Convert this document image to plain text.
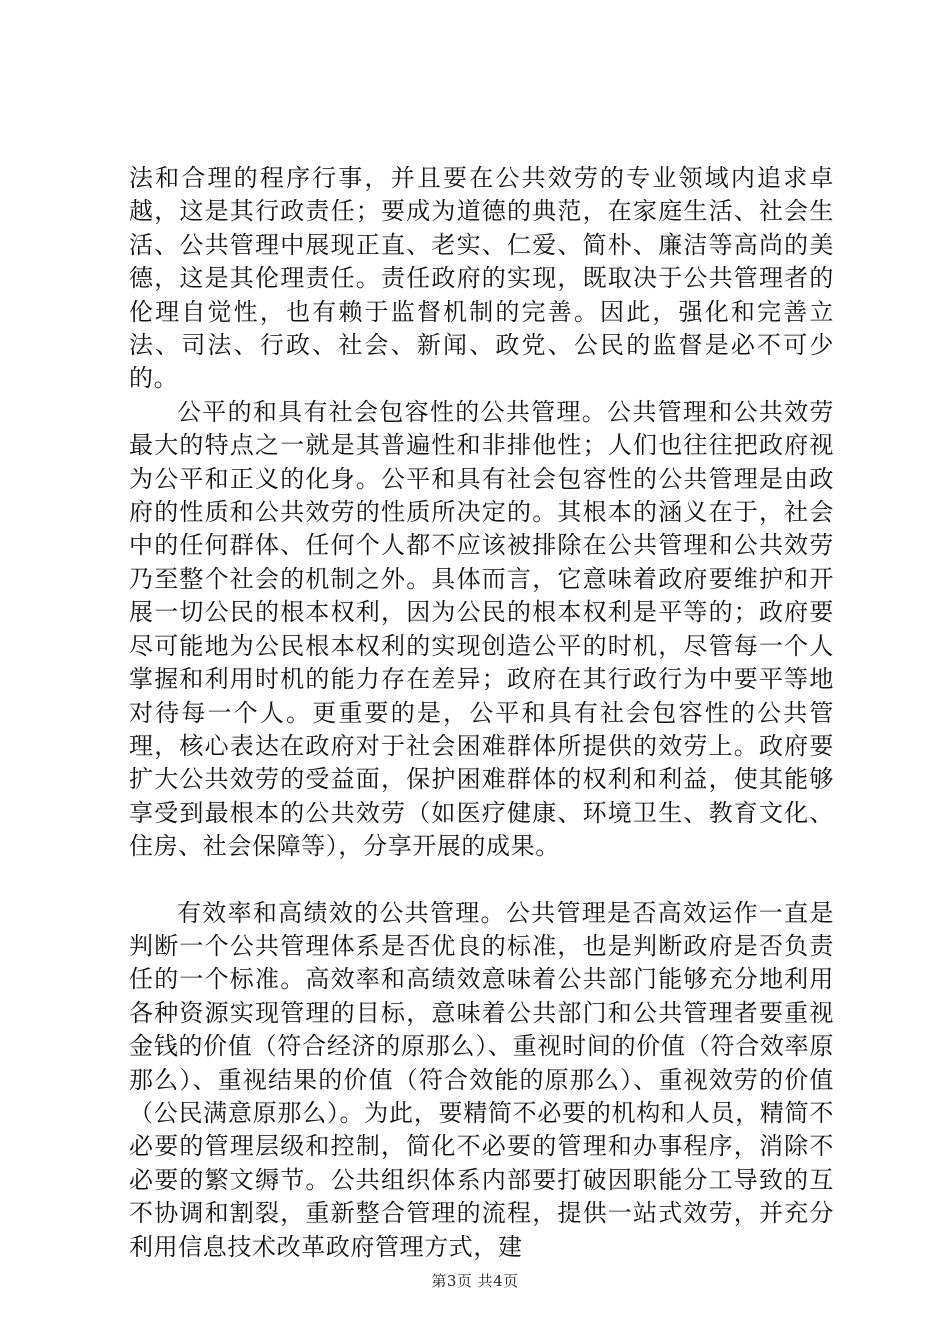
法和合理的程序行事，并且要在公共效劳的专业领域内追求卓越，这是其行政责任；要成为道德的典范，在家庭生活、社会生活、公共管理中展现正直、老实、仁爱、简朴、廉洁等高尚的美德，这是其伦理责任。责任政府的实现，既取决于公共管理者的伦理自觉性，也有赖于监督机制的完善。因此，强化和完善立法、司法、行政、社会、新闻、政党、公民的监督是必不可少的。

公平的和具有社会包容性的公共管理。公共管理和公共效劳最大的特点之一就是其普遍性和非排他性；人们也往往把政府视为公平和正义的化身。公平和具有社会包容性的公共管理是由政府的性质和公共效劳的性质所决定的。其根本的涵义在于，社会中的任何群体、任何个人都不应该被排除在公共管理和公共效劳乃至整个社会的机制之外。具体而言，它意味着政府要维护和开展一切公民的根本权利，因为公民的根本权利是平等的；政府要尽可能地为公民根本权利的实现创造公平的时机，尽管每一个人掌握和利用时机的能力存在差异；政府在其行政行为中要平等地对待每一个人。更重要的是，公平和具有社会包容性的公共管理，核心表达在政府对于社会困难群体所提供的效劳上。政府要扩大公共效劳的受益面，保护困难群体的权利和利益，使其能够享受到最根本的公共效劳（如医疗健康、环境卫生、教育文化、住房、社会保障等），分享开展的成果。

有效率和高绩效的公共管理。公共管理是否高效运作一直是判断一个公共管理体系是否优良的标准，也是判断政府是否负责任的一个标准。高效率和高绩效意味着公共部门能够充分地利用各种资源实现管理的目标，意味着公共部门和公共管理者要重视金钱的价值（符合经济的原那么）、重视时间的价值（符合效率原那么）、重视结果的价值（符合效能的原那么）、重视效劳的价值（公民满意原那么）。为此，要精简不必要的机构和人员，精简不必要的管理层级和控制，简化不必要的管理和办事程序，消除不必要的繁文缛节。公共组织体系内部要打破因职能分工导致的互不协调和割裂，重新整合管理的流程，提供一站式效劳，并充分利用信息技术改革政府管理方式，建

第3页 共4页
